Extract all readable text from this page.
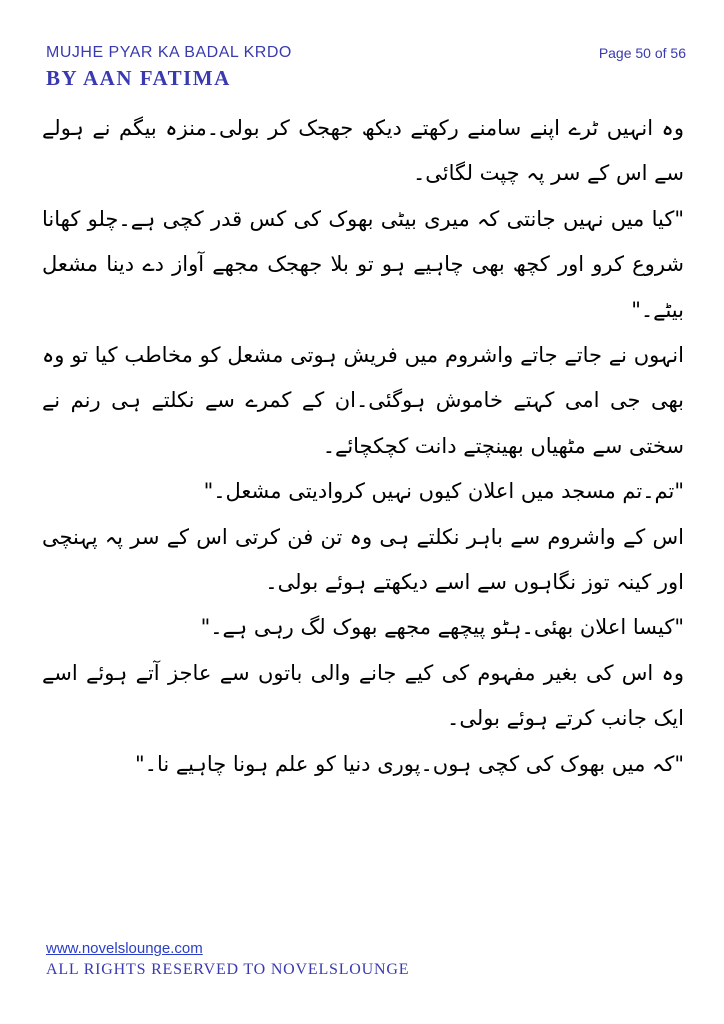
MUJHE PYAR KA BADAL KRDO
BY AAN FATIMA
Page 50 of 56

وہ انہیں ٹرے اپنے سامنے رکھتے دیکھ جھجک کر بولی۔منزہ بیگم نے ہولے سے اس کے سر پہ چپت لگائی۔

"کیا میں نہیں جانتی کہ میری بیٹی بھوک کی کس قدر کچی ہے۔چلو کھانا شروع کرو اور کچھ بھی چاہیے ہو تو بلا جھجک مجھے آواز دے دینا مشعل بیٹے۔"

انہوں نے جاتے جاتے واشروم میں فریش ہوتی مشعل کو مخاطب کیا تو وہ بھی جی امی کہتے خاموش ہوگئی۔ان کے کمرے سے نکلتے ہی رنم نے سختی سے مٹھیاں بھینچتے دانت کچکچائے۔

"تم۔تم مسجد میں اعلان کیوں نہیں کروادیتی مشعل۔"

اس کے واشروم سے باہر نکلتے ہی وہ تن فن کرتی اس کے سر پہ پہنچی اور کینہ توز نگاہوں سے اسے دیکھتے ہوئے بولی۔

"کیسا اعلان بھئی۔ہٹو پیچھے مجھے بھوک لگ رہی ہے۔"

وہ اس کی بغیر مفہوم کی کیے جانے والی باتوں سے عاجز آتے ہوئے اسے ایک جانب کرتے ہوئے بولی۔

"کہ میں بھوک کی کچی ہوں۔پوری دنیا کو علم ہونا چاہیے نا۔"

www.novelslounge.com
ALL RIGHTS RESERVED TO NOVELSLOUNGE
